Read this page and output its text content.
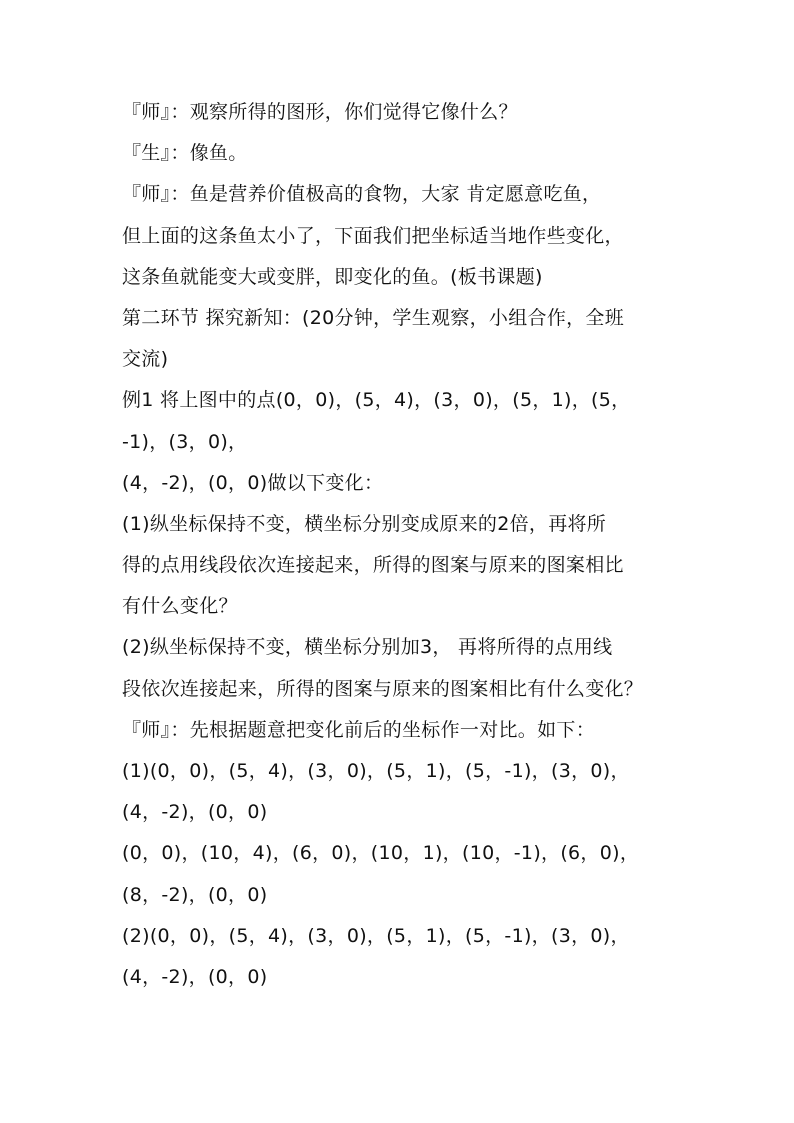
『师』：观察所得的图形，你们觉得它像什么？
『生』：像鱼。
『师』：鱼是营养价值极高的食物，大家 肯定愿意吃鱼，
但上面的这条鱼太小了，下面我们把坐标适当地作些变化，
这条鱼就能变大或变胖，即变化的鱼。(板书课题)
第二环节 探究新知：(20分钟，学生观察，小组合作，全班
交流)
例1 将上图中的点(0，0)，(5，4)，(3，0)，(5，1)，(5，
-1)，(3，0)，
(4，-2)，(0，0)做以下变化：
(1)纵坐标保持不变，横坐标分别变成原来的2倍，再将所
得的点用线段依次连接起来，所得的图案与原来的图案相比
有什么变化？
(2)纵坐标保持不变，横坐标分别加3， 再将所得的点用线
段依次连接起来，所得的图案与原来的图案相比有什么变化？
『师』：先根据题意把变化前后的坐标作一对比。如下：
(1)(0，0)，(5，4)，(3，0)，(5，1)，(5，-1)，(3，0)，
(4，-2)，(0，0)
(0，0)，(10，4)，(6，0)，(10，1)，(10，-1)，(6，0)，
(8，-2)，(0，0)
(2)(0，0)，(5，4)，(3，0)，(5，1)，(5，-1)，(3，0)，
(4，-2)，(0，0)
